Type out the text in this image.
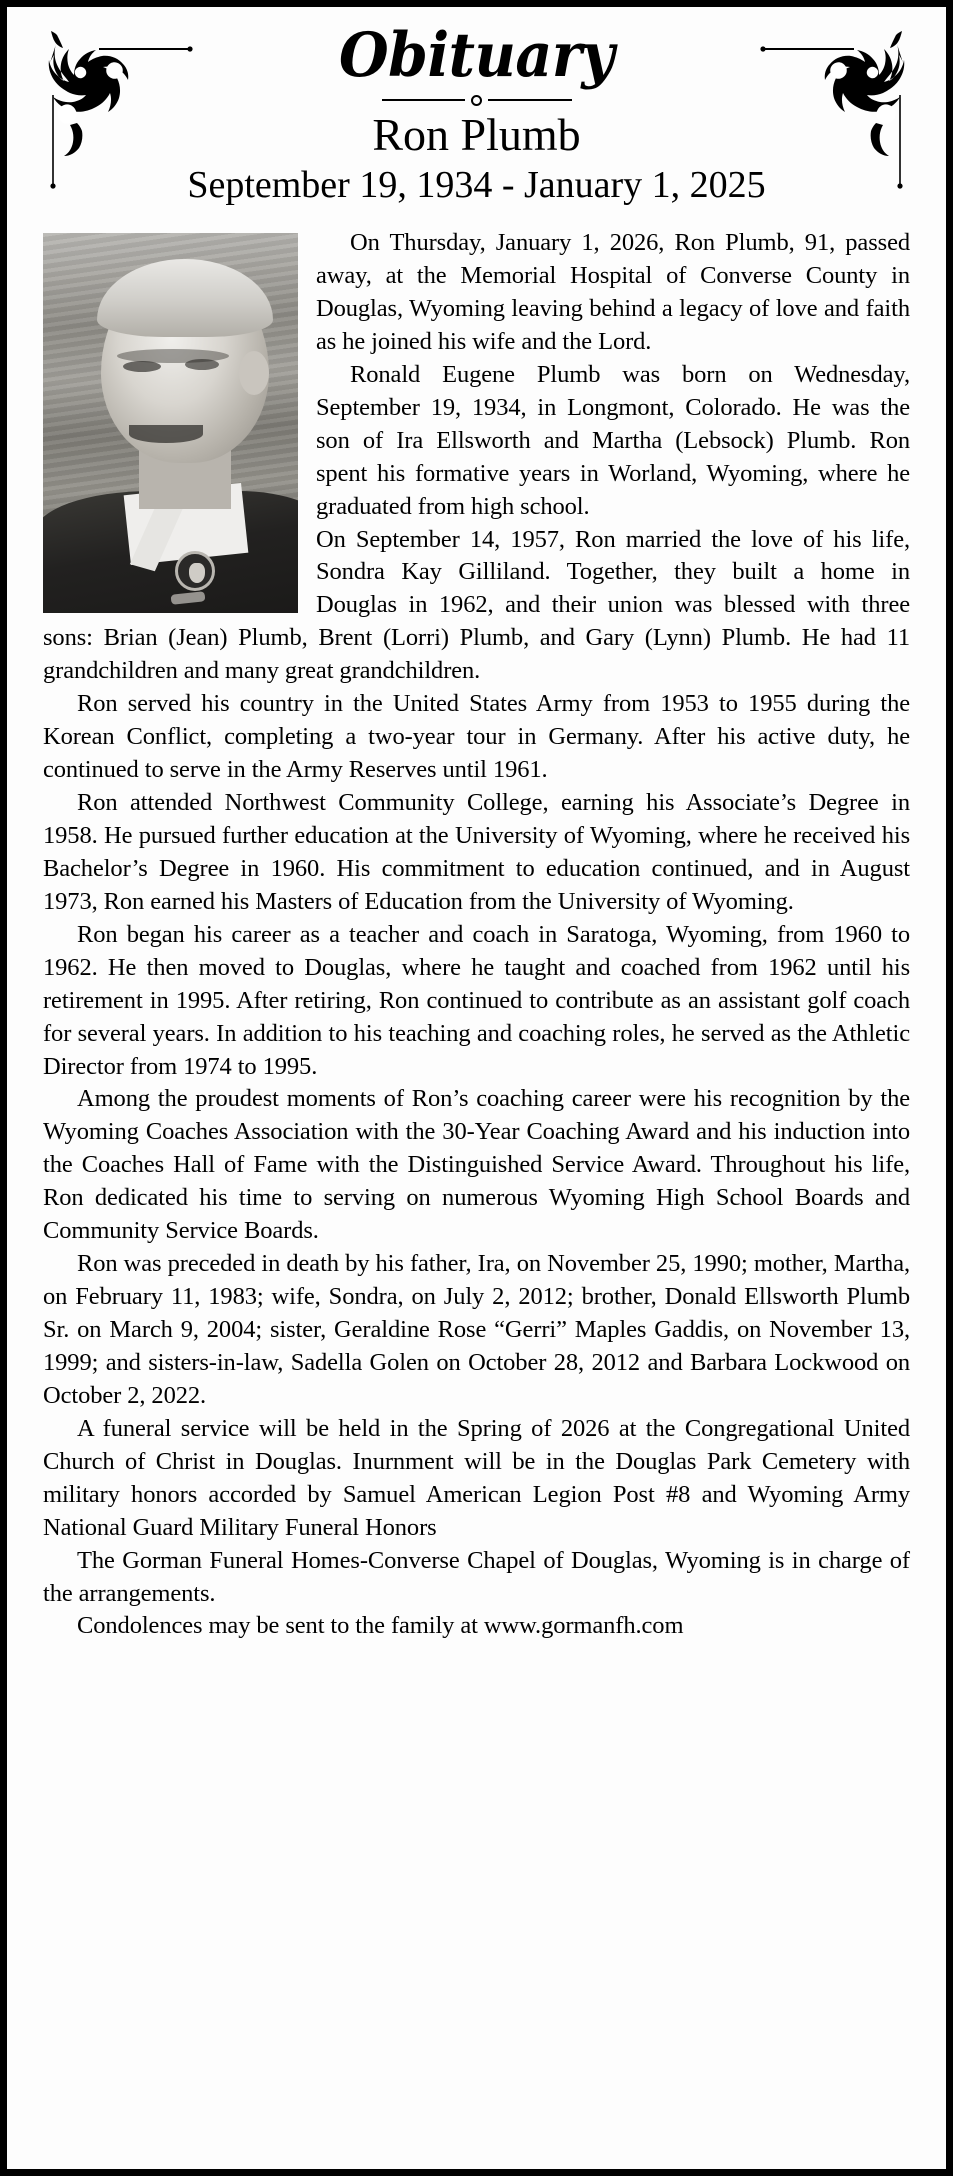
Obituary
Ron Plumb
September 19, 1934 - January 1, 2025

On Thursday, January 1, 2026, Ron Plumb, 91, passed away, at the Memorial Hospital of Converse County in Douglas, Wyoming leaving behind a legacy of love and faith as he joined his wife and the Lord.

Ronald Eugene Plumb was born on Wednesday, September 19, 1934, in Longmont, Colorado. He was the son of Ira Ellsworth and Martha (Lebsock) Plumb. Ron spent his formative years in Worland, Wyoming, where he graduated from high school.

On September 14, 1957, Ron married the love of his life, Sondra Kay Gilliland. Together, they built a home in Douglas in 1962, and their union was blessed with three sons: Brian (Jean) Plumb, Brent (Lorri) Plumb, and Gary (Lynn) Plumb. He had 11 grandchildren and many great grandchildren.

Ron served his country in the United States Army from 1953 to 1955 during the Korean Conflict, completing a two-year tour in Germany. After his active duty, he continued to serve in the Army Reserves until 1961.

Ron attended Northwest Community College, earning his Associate’s Degree in 1958. He pursued further education at the University of Wyoming, where he received his Bachelor’s Degree in 1960. His commitment to education continued, and in August 1973, Ron earned his Masters of Education from the University of Wyoming.

Ron began his career as a teacher and coach in Saratoga, Wyoming, from 1960 to 1962. He then moved to Douglas, where he taught and coached from 1962 until his retirement in 1995. After retiring, Ron continued to contribute as an assistant golf coach for several years. In addition to his teaching and coaching roles, he served as the Athletic Director from 1974 to 1995.

Among the proudest moments of Ron’s coaching career were his recognition by the Wyoming Coaches Association with the 30-Year Coaching Award and his induction into the Coaches Hall of Fame with the Distinguished Service Award. Throughout his life, Ron dedicated his time to serving on numerous Wyoming High School Boards and Community Service Boards.

Ron was preceded in death by his father, Ira, on November 25, 1990; mother, Martha, on February 11, 1983; wife, Sondra, on July 2, 2012; brother, Donald Ellsworth Plumb Sr. on March 9, 2004; sister, Geraldine Rose “Gerri” Maples Gaddis, on November 13, 1999; and sisters-in-law, Sadella Golen on October 28, 2012 and Barbara Lockwood on October 2, 2022.

A funeral service will be held in the Spring of 2026 at the Congregational United Church of Christ in Douglas. Inurnment will be in the Douglas Park Cemetery with military honors accorded by Samuel American Legion Post #8 and Wyoming Army National Guard Military Funeral Honors

The Gorman Funeral Homes-Converse Chapel of Douglas, Wyoming is in charge of the arrangements.

Condolences may be sent to the family at www.gormanfh.com
